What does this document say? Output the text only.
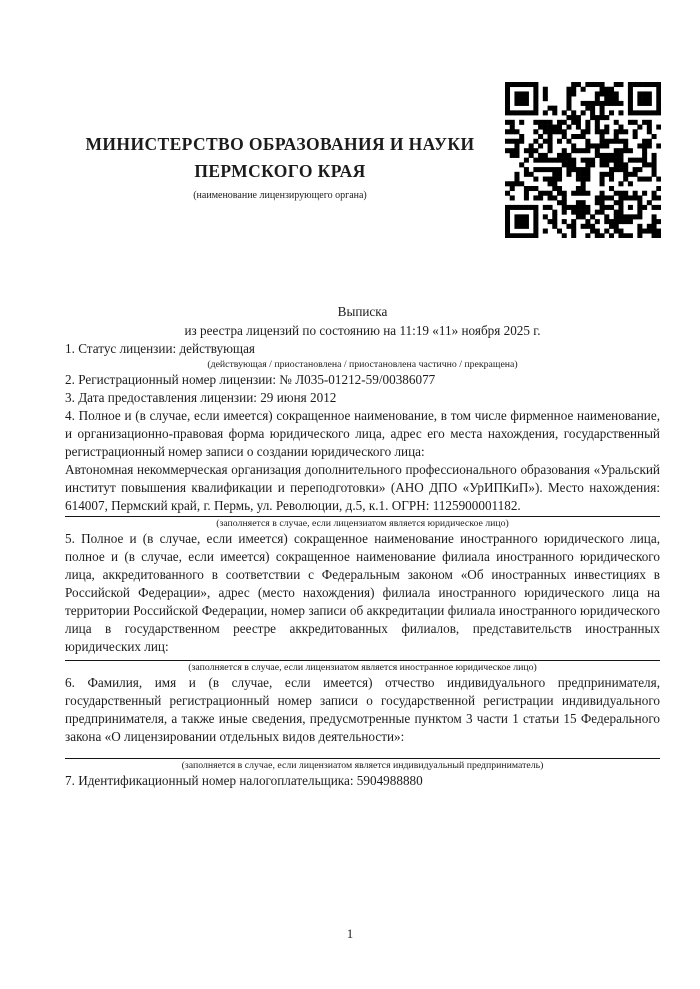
МИНИСТЕРСТВО ОБРАЗОВАНИЯ И НАУКИ
ПЕРМСКОГО КРАЯ
(наименование лицензирующего органа)

Выписка

из реестра лицензий по состоянию на 11:19 «11» ноября 2025 г.

1. Статус лицензии: действующая

(действующая / приостановлена / приостановлена частично / прекращена)

2. Регистрационный номер лицензии: № Л035-01212-59/00386077

3. Дата предоставления лицензии: 29 июня 2012

4. Полное и (в случае, если имеется) сокращенное наименование, в том числе фирменное наименование, и организационно-правовая форма юридического лица, адрес его места нахождения, государственный регистрационный номер записи о создании юридического лица:

Автономная некоммерческая организация дополнительного профессионального образования «Уральский институт повышения квалификации и переподготовки» (АНО ДПО «УрИПКиП»). Место нахождения: 614007, Пермский край, г. Пермь, ул. Революции, д.5, к.1. ОГРН: 1125900001182.

(заполняется в случае, если лицензиатом является юридическое лицо)

5. Полное и (в случае, если имеется) сокращенное наименование иностранного юридического лица, полное и (в случае, если имеется) сокращенное наименование филиала иностранного юридического лица, аккредитованного в соответствии с Федеральным законом «Об иностранных инвестициях в Российской Федерации», адрес (место нахождения) филиала иностранного юридического лица на территории Российской Федерации, номер записи об аккредитации филиала иностранного юридического лица в государственном реестре аккредитованных филиалов, представительств иностранных юридических лиц:

(заполняется в случае, если лицензиатом является иностранное юридическое лицо)

6. Фамилия, имя и (в случае, если имеется) отчество индивидуального предпринимателя, государственный регистрационный номер записи о государственной регистрации индивидуального предпринимателя, а также иные сведения, предусмотренные пунктом 3 части 1 статьи 15 Федерального закона «О лицензировании отдельных видов деятельности»:

(заполняется в случае, если лицензиатом является индивидуальный предприниматель)

7. Идентификационный номер налогоплательщика: 5904988880

1
